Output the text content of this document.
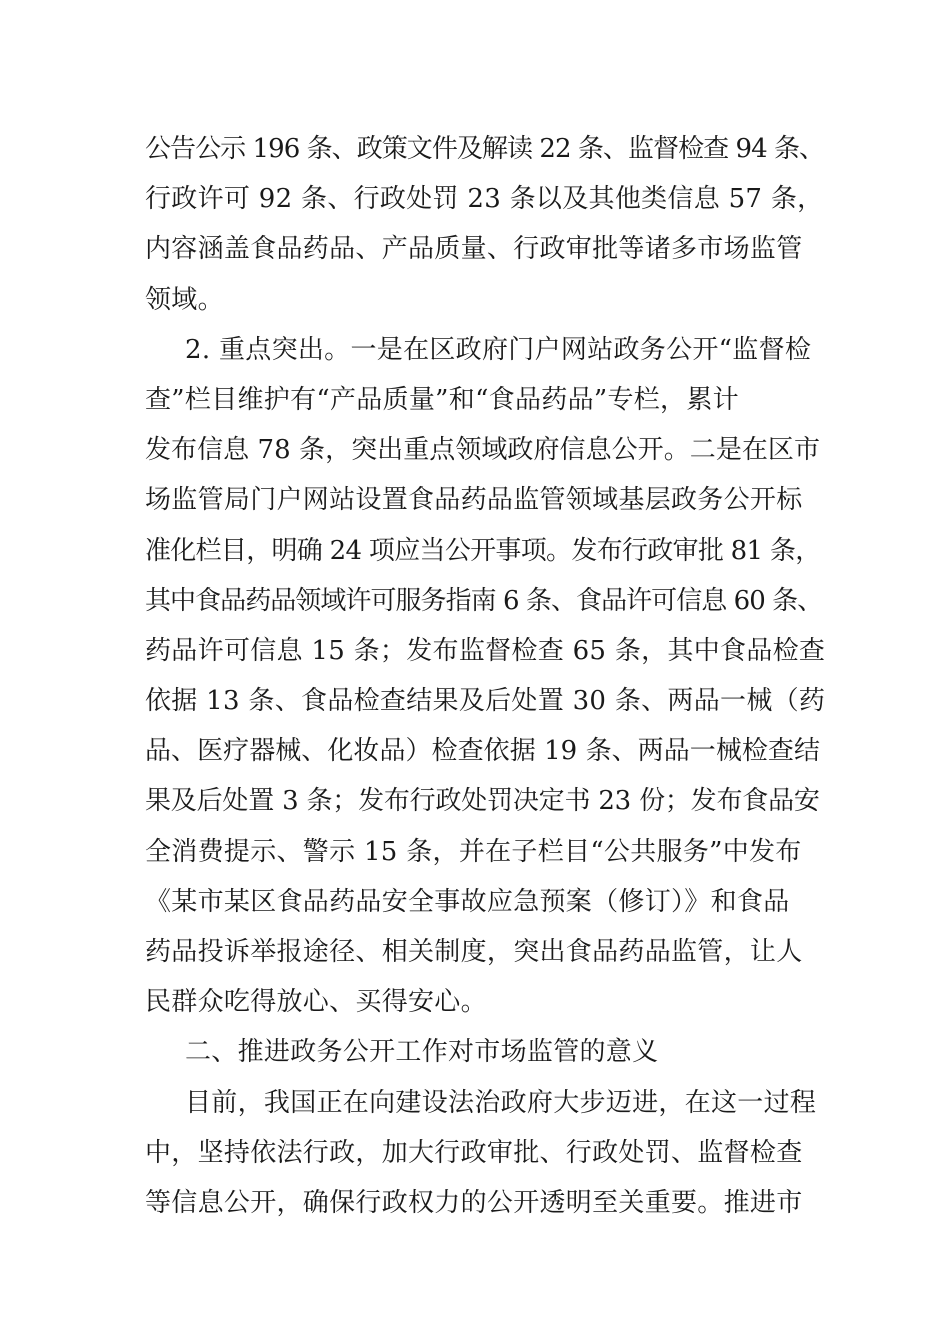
公告公示 196 条、政策文件及解读 22 条、监督检查 94 条、
行政许可 92 条、行政处罚 23 条以及其他类信息 57 条，
内容涵盖食品药品、产品质量、行政审批等诸多市场监管
领域。
2. 重点突出。一是在区政府门户网站政务公开“监督检
查”栏目维护有“产品质量”和“食品药品”专栏，累计
发布信息 78 条，突出重点领域政府信息公开。二是在区市
场监管局门户网站设置食品药品监管领域基层政务公开标
准化栏目，明确 24 项应当公开事项。发布行政审批 81 条，
其中食品药品领域许可服务指南 6 条、食品许可信息 60 条、
药品许可信息 15 条；发布监督检查 65 条，其中食品检查
依据 13 条、食品检查结果及后处置 30 条、两品一械（药
品、医疗器械、化妆品）检查依据 19 条、两品一械检查结
果及后处置 3 条；发布行政处罚决定书 23 份；发布食品安
全消费提示、警示 15 条，并在子栏目“公共服务”中发布
《某市某区食品药品安全事故应急预案（修订）》和食品
药品投诉举报途径、相关制度，突出食品药品监管，让人
民群众吃得放心、买得安心。
二、推进政务公开工作对市场监管的意义
目前，我国正在向建设法治政府大步迈进，在这一过程
中，坚持依法行政，加大行政审批、行政处罚、监督检查
等信息公开，确保行政权力的公开透明至关重要。推进市
